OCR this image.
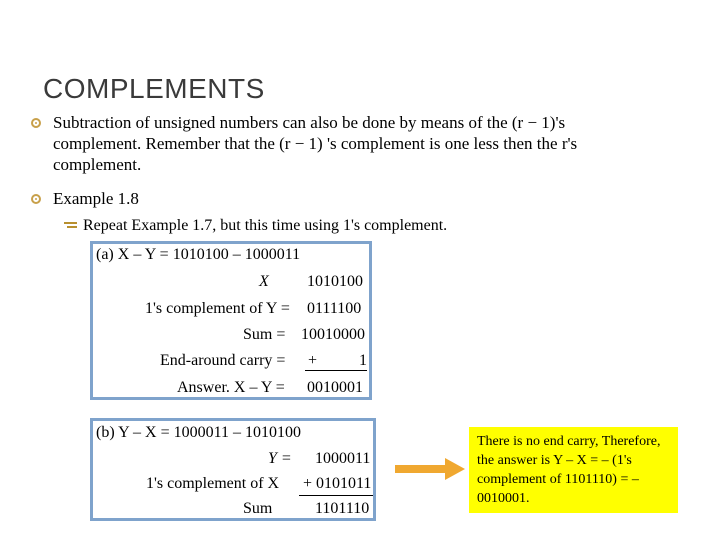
COMPLEMENTS
Subtraction of unsigned numbers can also be done by means of the (r − 1)'s
complement. Remember that the (r − 1) 's complement is one less then the r's
complement.
Example 1.8
Repeat Example 1.7, but this time using 1's complement.
(a) X – Y = 1010100 – 1000011
X 1010100
1's complement of Y = 0111100
Sum = 10010000
End-around carry = +	1
Answer. X – Y = 0010001
(b) Y – X = 1000011 – 1010100
Y = 1000011
1's complement of X + 0101011
Sum	1101110
There is no end carry, Therefore, the answer is Y – X = – (1's complement of 1101110) = – 0010001.
